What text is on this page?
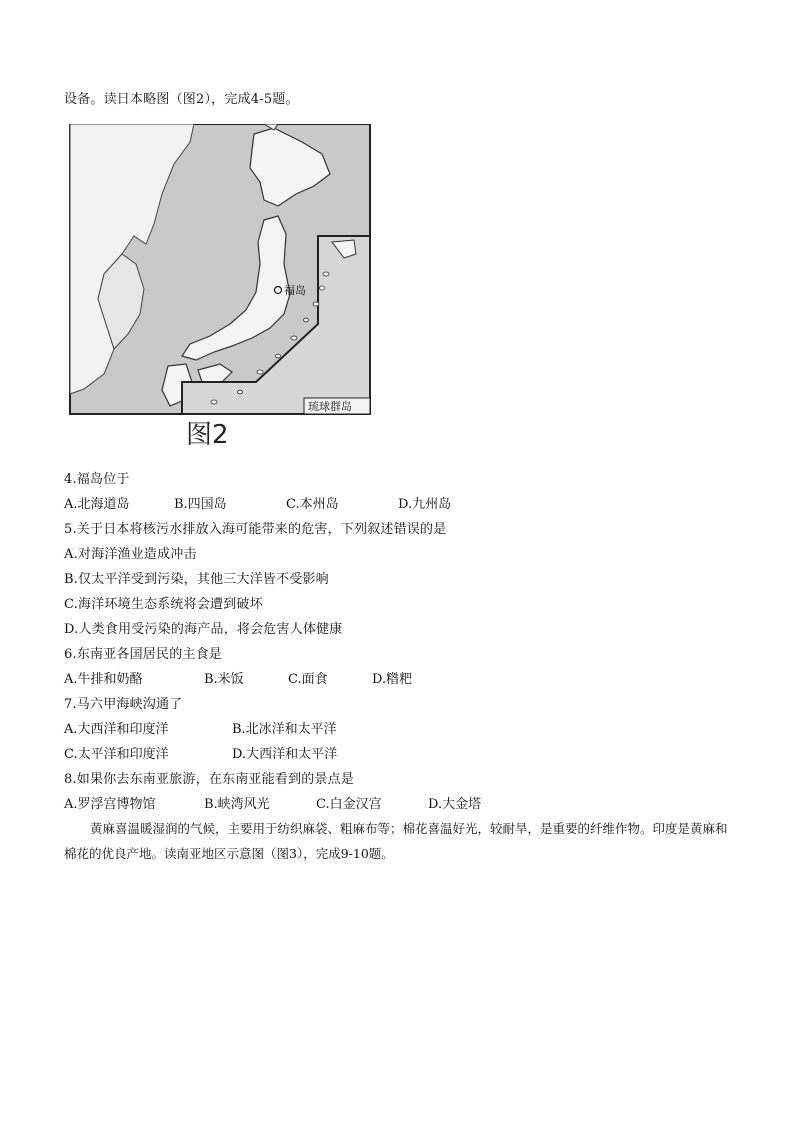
设备。读日本略图（图2），完成4-5题。
福岛
琉球群岛
图2
4.福岛位于
A.北海道岛	B.四国岛	C.本州岛	D.九州岛
5.关于日本将核污水排放入海可能带来的危害，下列叙述错误的是
A.对海洋渔业造成冲击
B.仅太平洋受到污染，其他三大洋皆不受影响
C.海洋环境生态系统将会遭到破坏
D.人类食用受污染的海产品，将会危害人体健康
6.东南亚各国居民的主食是
A.牛排和奶酪	B.米饭	C.面食	D.糌粑
7.马六甲海峡沟通了
A.大西洋和印度洋	B.北冰洋和太平洋
C.太平洋和印度洋	D.大西洋和太平洋
8.如果你去东南亚旅游，在东南亚能看到的景点是
A.罗浮宫博物馆	B.峡湾风光	C.白金汉宫	D.大金塔
黄麻喜温暖湿润的气候，主要用于纺织麻袋、粗麻布等；棉花喜温好光，较耐旱，是重要的纤维作物。印度是黄麻和棉花的优良产地。读南亚地区示意图（图3），完成9-10题。
